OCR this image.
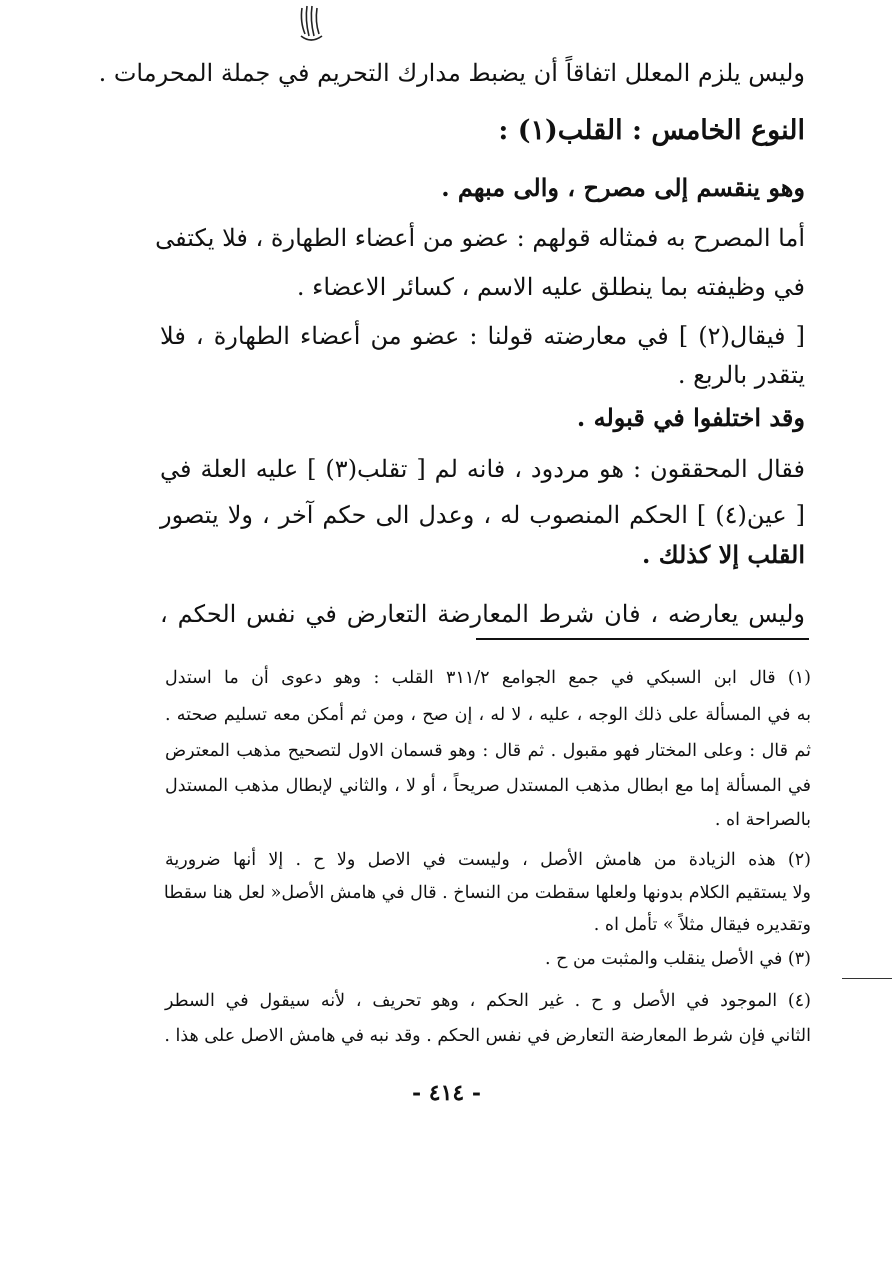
وليس يلزم المعلل اتفاقاً أن يضبط مدارك التحريم في جملة المحرمات .
النوع الخامس : القلب(١) :
وهو ينقسم إلى مصرح ، والى مبهم .
أما المصرح به فمثاله قولهم : عضو من أعضاء الطهارة ، فلا يكتفى
في وظيفته بما ينطلق عليه الاسم ، كسائر الاعضاء .
[ فيقال(٢) ] في معارضته قولنا : عضو من أعضاء الطهارة ، فلا
يتقدر بالربع .
وقد اختلفوا في قبوله .
فقال المحققون : هو مردود ، فانه لم [ تقلب(٣) ] عليه العلة في
[ عين(٤) ] الحكم المنصوب له ، وعدل الى حكم آخر ، ولا يتصور
القلب إلا كذلك .
وليس يعارضه ، فان شرط المعارضة التعارض في نفس الحكم ،
(١) قال ابن السبكي في جمع الجوامع ٣١١/٢ القلب : وهو دعوى أن ما استدل
به في المسألة على ذلك الوجه ، عليه ، لا له ، إن صح ، ومن ثم أمكن معه تسليم صحته .
ثم قال : وعلى المختار فهو مقبول . ثم قال : وهو قسمان الاول لتصحيح مذهب المعترض
في المسألة إما مع ابطال مذهب المستدل صريحاً ، أو لا ، والثاني لإبطال مذهب المستدل
بالصراحة اه .
(٢) هذه الزيادة من هامش الأصل ، وليست في الاصل ولا ح . إلا أنها ضرورية
ولا يستقيم الكلام بدونها ولعلها سقطت من النساخ . قال في هامش الأصل« لعل هنا سقطا
وتقديره فيقال مثلاً » تأمل اه .
(٣) في الأصل ينقلب والمثبت من ح .
(٤) الموجود في الأصل و ح . غير الحكم ، وهو تحريف ، لأنه سيقول في السطر
الثاني فإن شرط المعارضة التعارض في نفس الحكم . وقد نبه في هامش الاصل على هذا .
- ٤١٤ -
